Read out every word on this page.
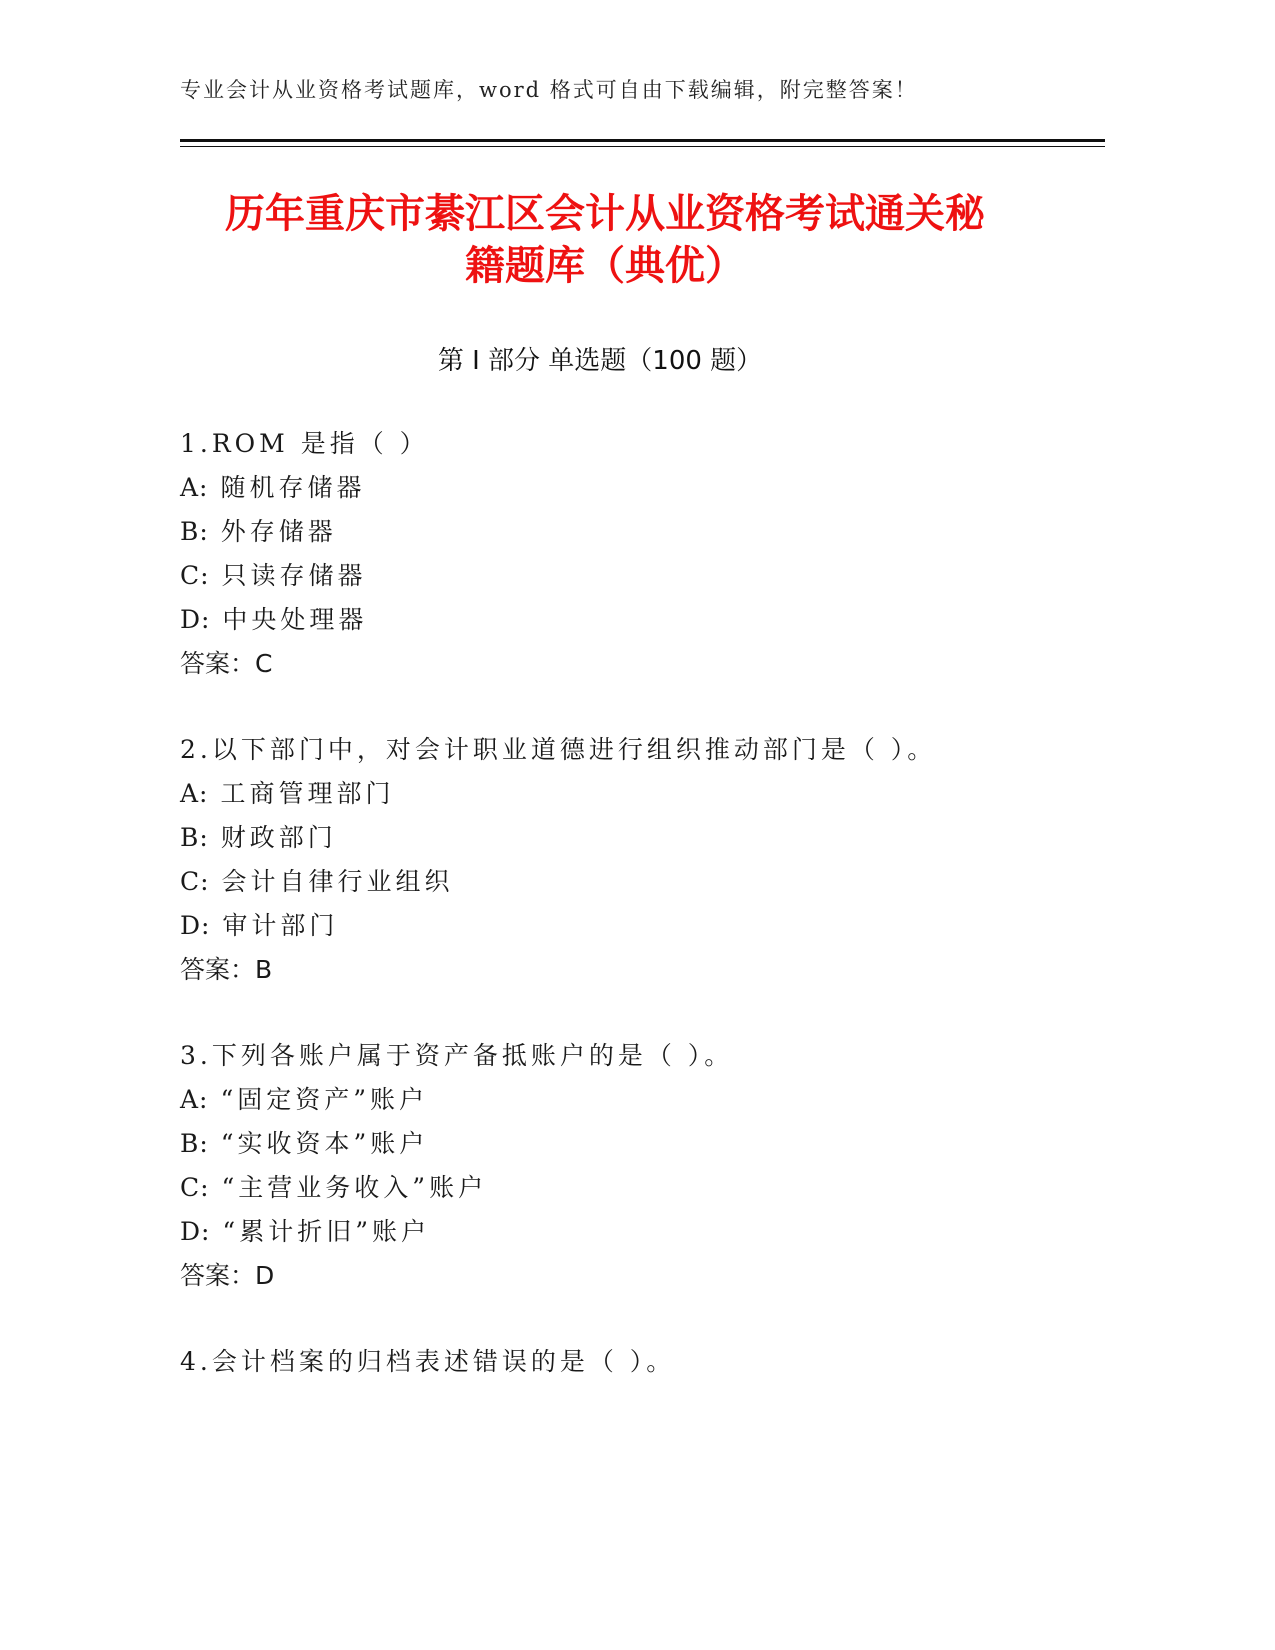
专业会计从业资格考试题库，word 格式可自由下载编辑，附完整答案！
历年重庆市綦江区会计从业资格考试通关秘
籍题库（典优）
第 I 部分 单选题（100 题）
1.ROM 是指（ ）
A: 随机存储器
B: 外存储器
C: 只读存储器
D: 中央处理器
答案：C
2.以下部门中，对会计职业道德进行组织推动部门是（ ）。
A: 工商管理部门
B: 财政部门
C: 会计自律行业组织
D: 审计部门
答案：B
3.下列各账户属于资产备抵账户的是（ ）。
A: “固定资产”账户
B: “实收资本”账户
C: “主营业务收入”账户
D: “累计折旧”账户
答案：D
4.会计档案的归档表述错误的是（ ）。
